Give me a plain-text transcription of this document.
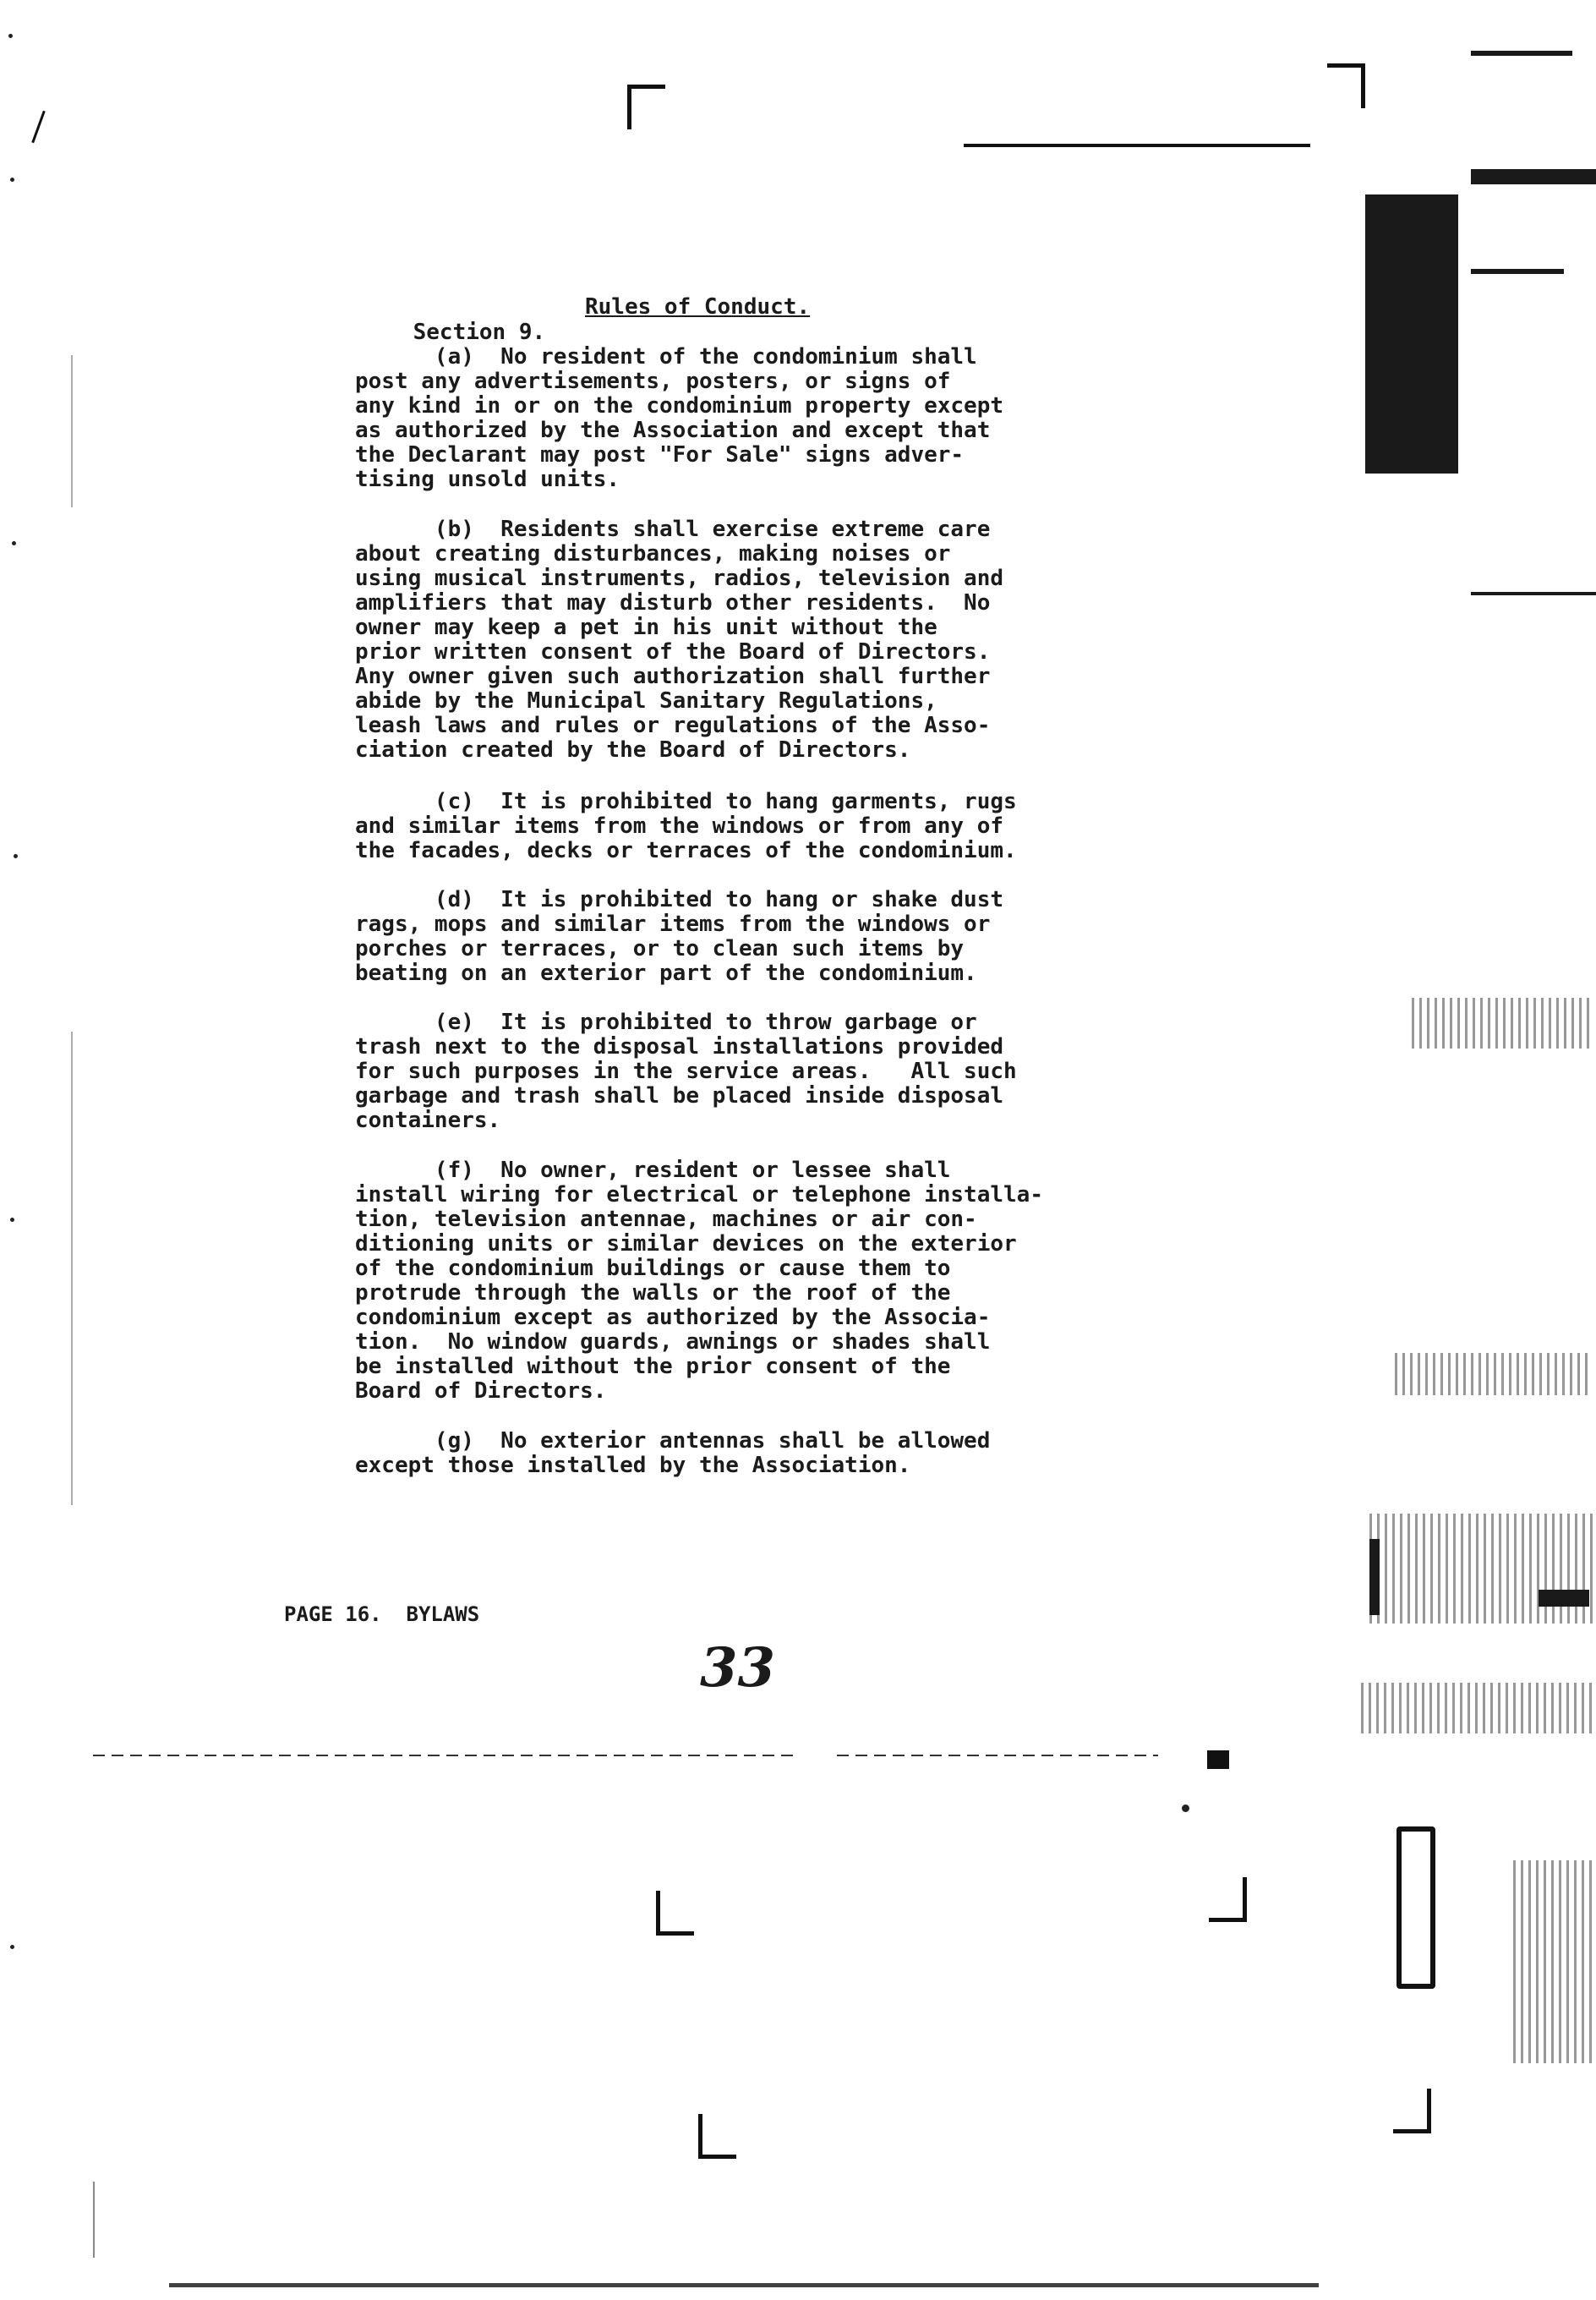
Section 9.

Rules of Conduct.

(a)  No resident of the condominium shall
post any advertisements, posters, or signs of
any kind in or on the condominium property except
as authorized by the Association and except that
the Declarant may post "For Sale" signs adver-
tising unsold units.
(b)  Residents shall exercise extreme care
about creating disturbances, making noises or
using musical instruments, radios, television and
amplifiers that may disturb other residents.  No
owner may keep a pet in his unit without the
prior written consent of the Board of Directors.
Any owner given such authorization shall further
abide by the Municipal Sanitary Regulations,
leash laws and rules or regulations of the Asso-
ciation created by the Board of Directors.
(c)  It is prohibited to hang garments, rugs
and similar items from the windows or from any of
the facades, decks or terraces of the condominium.
(d)  It is prohibited to hang or shake dust
rags, mops and similar items from the windows or
porches or terraces, or to clean such items by
beating on an exterior part of the condominium.
(e)  It is prohibited to throw garbage or
trash next to the disposal installations provided
for such purposes in the service areas.   All such
garbage and trash shall be placed inside disposal
containers.
(f)  No owner, resident or lessee shall
install wiring for electrical or telephone installa-
tion, television antennae, machines or air con-
ditioning units or similar devices on the exterior
of the condominium buildings or cause them to
protrude through the walls or the roof of the
condominium except as authorized by the Associa-
tion.  No window guards, awnings or shades shall
be installed without the prior consent of the
Board of Directors.
(g)  No exterior antennas shall be allowed
except those installed by the Association.
PAGE 16.  BYLAWS
33
